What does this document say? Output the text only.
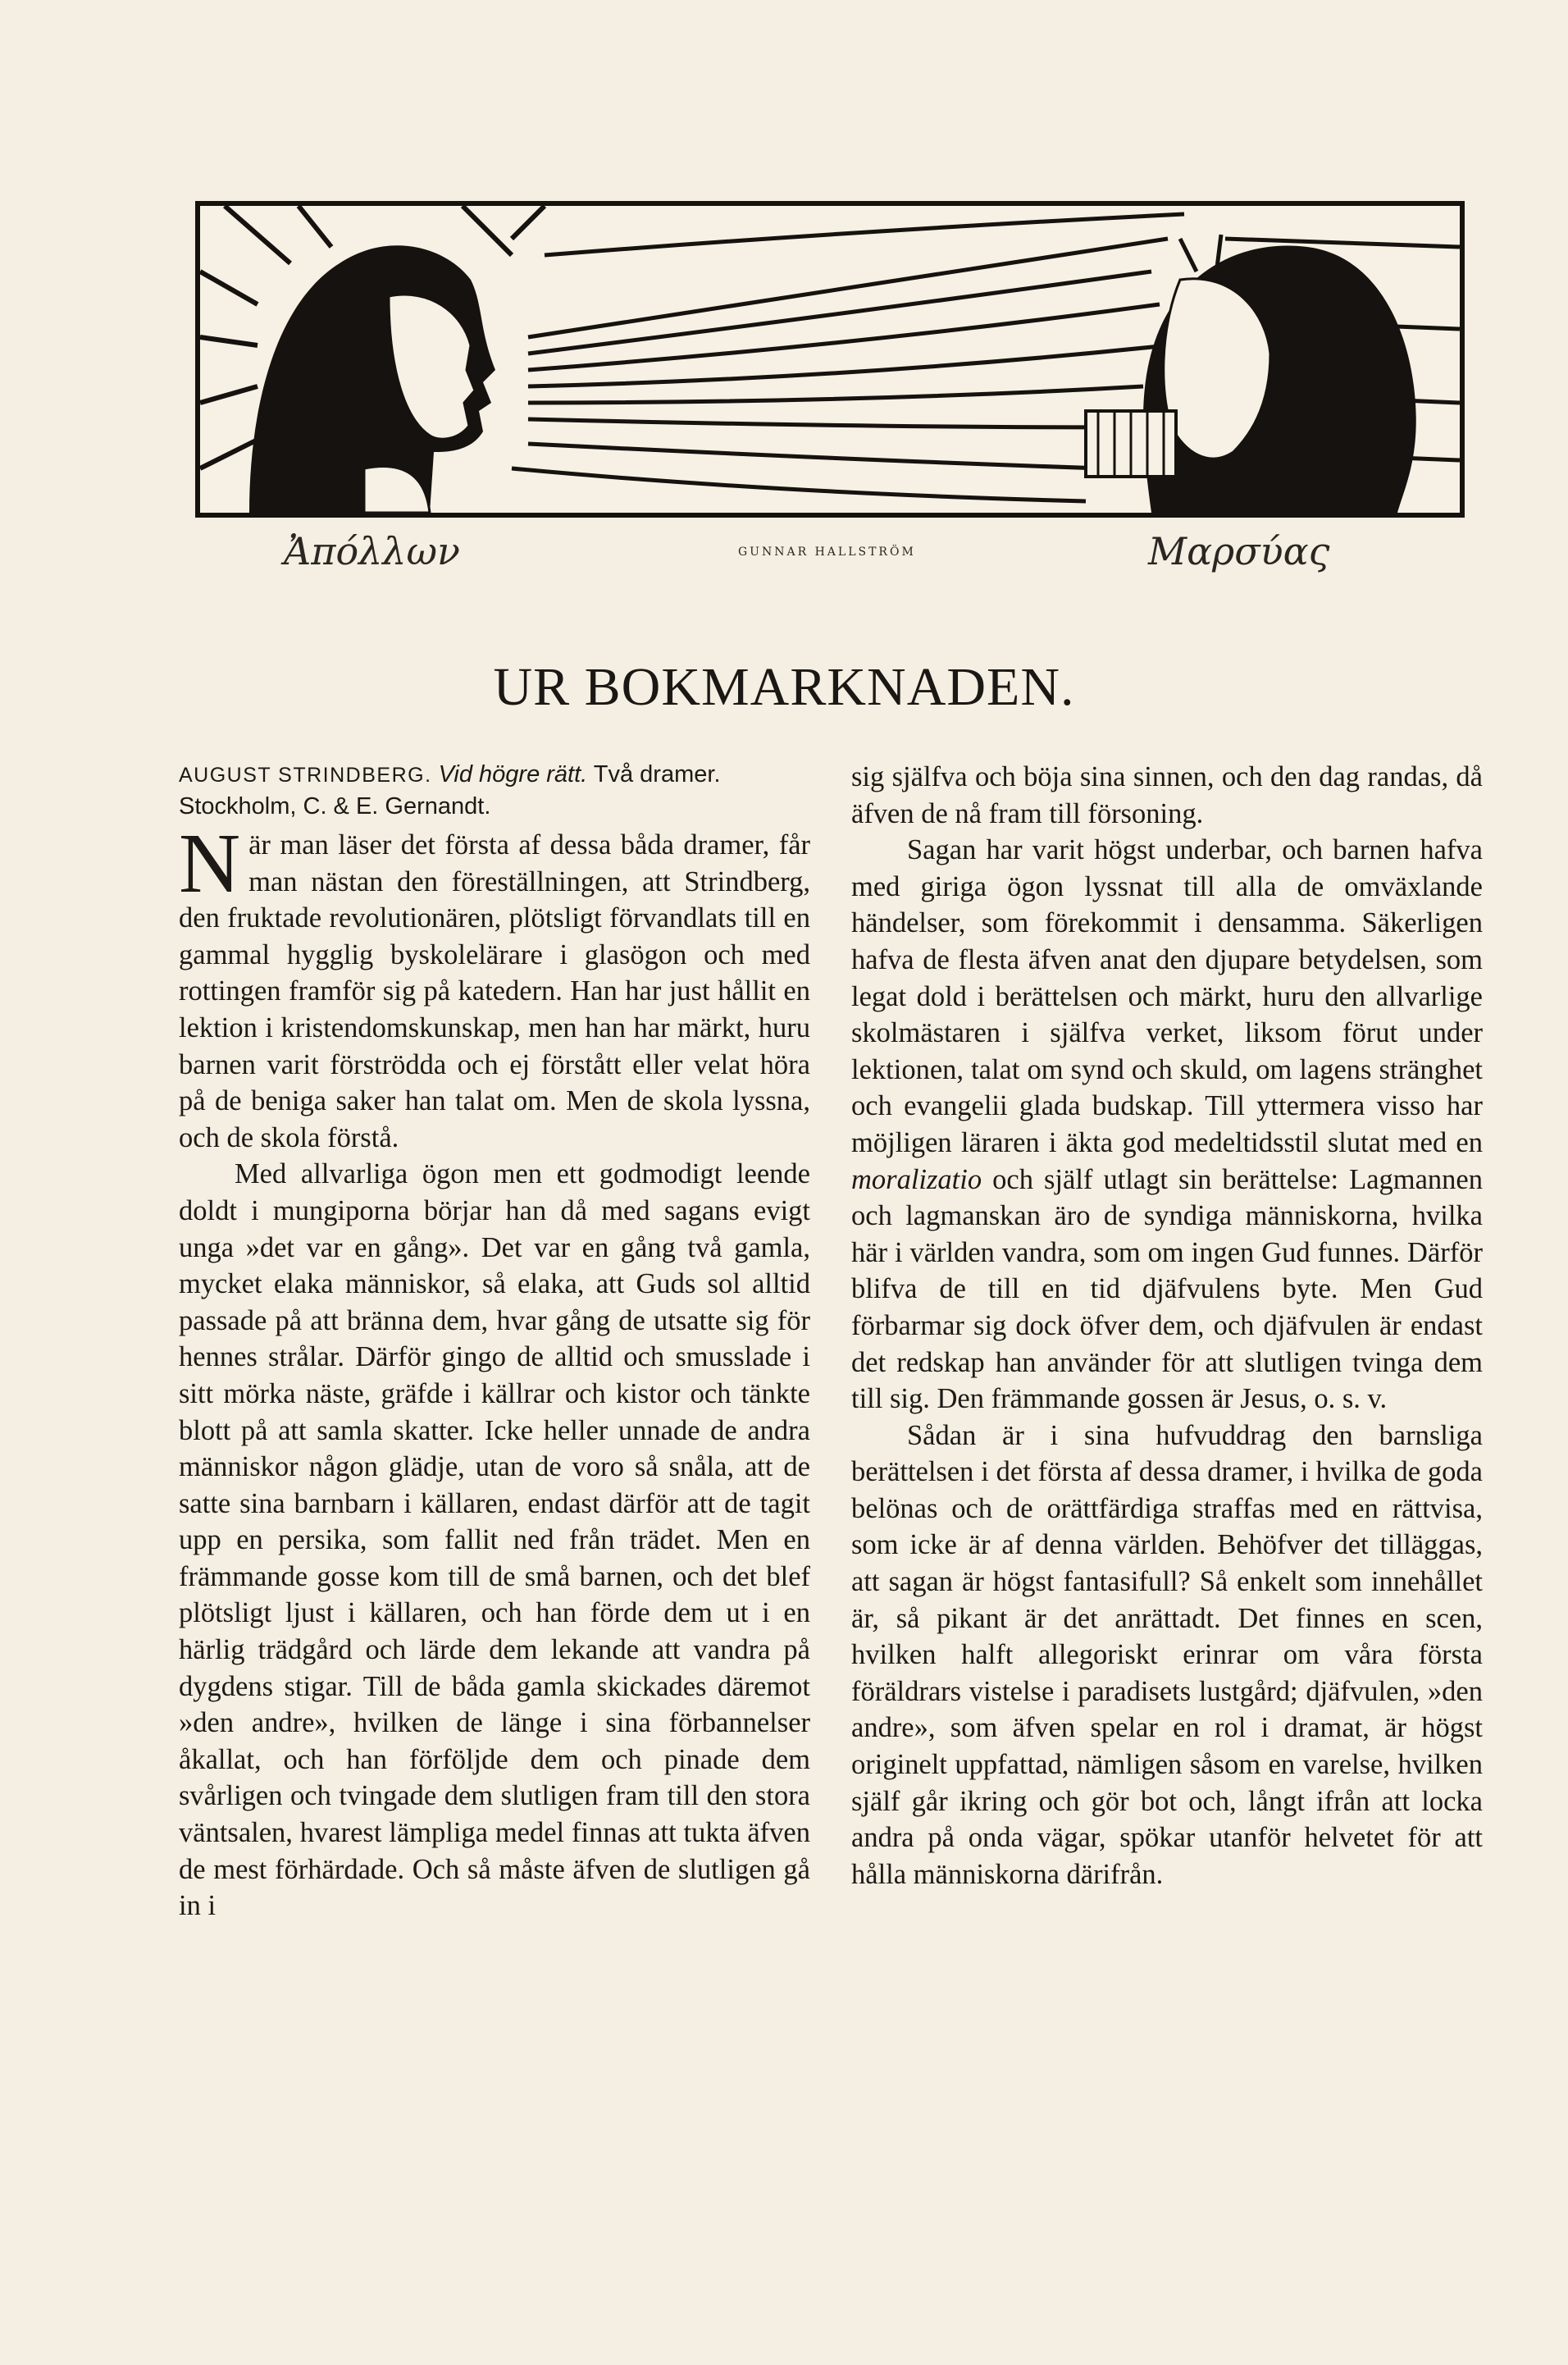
Ἀπόλλων	GUNNAR HALLSTRÖM	Μαρσύας
UR BOKMARKNADEN.
AUGUST STRINDBERG. Vid högre rätt. Två dramer.
Stockholm, C. & E. Gernandt.

När man läser det första af dessa båda dramer, får man nästan den föreställningen, att Strindberg, den fruktade revolutionären, plötsligt förvandlats till en gammal hygglig byskolelärare i glasögon och med rottingen framför sig på katedern. Han har just hållit en lektion i kristendomskunskap, men han har märkt, huru barnen varit förströdda och ej förstått eller velat höra på de beniga saker han talat om. Men de skola lyssna, och de skola förstå.

Med allvarliga ögon men ett godmodigt leende doldt i mungiporna börjar han då med sagans evigt unga »det var en gång». Det var en gång två gamla, mycket elaka människor, så elaka, att Guds sol alltid passade på att bränna dem, hvar gång de utsatte sig för hennes strålar. Därför gingo de alltid och smusslade i sitt mörka näste, gräfde i källrar och kistor och tänkte blott på att samla skatter. Icke heller unnade de andra människor någon glädje, utan de voro så snåla, att de satte sina barnbarn i källaren, endast därför att de tagit upp en persika, som fallit ned från trädet. Men en främmande gosse kom till de små barnen, och det blef plötsligt ljust i källaren, och han förde dem ut i en härlig trädgård och lärde dem lekande att vandra på dygdens stigar. Till de båda gamla skickades däremot »den andre», hvilken de länge i sina förbannelser åkallat, och han förföljde dem och pinade dem svårligen och tvingade dem slutligen fram till den stora väntsalen, hvarest lämpliga medel finnas att tukta äfven de mest förhärdade. Och så måste äfven de slutligen gå in i

sig själfva och böja sina sinnen, och den dag randas, då äfven de nå fram till försoning.

Sagan har varit högst underbar, och barnen hafva med giriga ögon lyssnat till alla de omväxlande händelser, som förekommit i densamma. Säkerligen hafva de flesta äfven anat den djupare betydelsen, som legat dold i berättelsen och märkt, huru den allvarlige skolmästaren i själfva verket, liksom förut under lektionen, talat om synd och skuld, om lagens stränghet och evangelii glada budskap. Till yttermera visso har möjligen läraren i äkta god medeltidsstil slutat med en moralizatio och själf utlagt sin berättelse: Lagmannen och lagmanskan äro de syndiga människorna, hvilka här i världen vandra, som om ingen Gud funnes. Därför blifva de till en tid djäfvulens byte. Men Gud förbarmar sig dock öfver dem, och djäfvulen är endast det redskap han använder för att slutligen tvinga dem till sig. Den främmande gossen är Jesus, o. s. v.

Sådan är i sina hufvuddrag den barnsliga berättelsen i det första af dessa dramer, i hvilka de goda belönas och de orättfärdiga straffas med en rättvisa, som icke är af denna världen. Behöfver det tilläggas, att sagan är högst fantasifull? Så enkelt som innehållet är, så pikant är det anrättadt. Det finnes en scen, hvilken halft allegoriskt erinrar om våra första föräldrars vistelse i paradisets lustgård; djäfvulen, »den andre», som äfven spelar en rol i dramat, är högst originelt uppfattad, nämligen såsom en varelse, hvilken själf går ikring och gör bot och, långt ifrån att locka andra på onda vägar, spökar utanför helvetet för att hålla människorna därifrån.
